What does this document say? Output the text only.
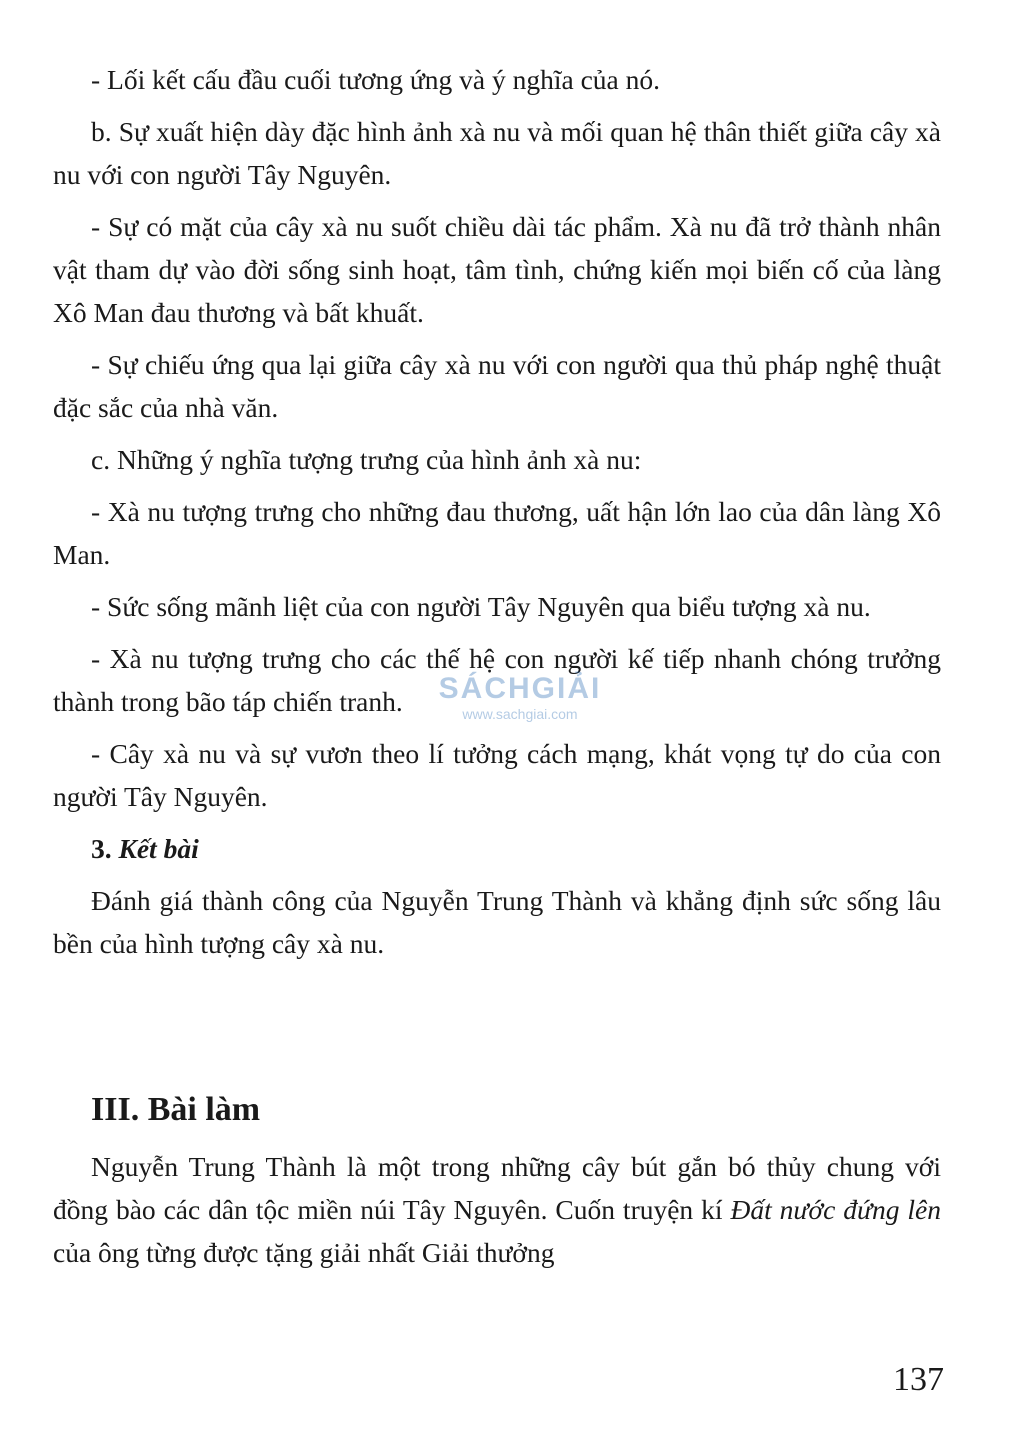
- Lối kết cấu đầu cuối tương ứng và ý nghĩa của nó.

b. Sự xuất hiện dày đặc hình ảnh xà nu và mối quan hệ thân thiết giữa cây xà nu với con người Tây Nguyên.

- Sự có mặt của cây xà nu suốt chiều dài tác phẩm. Xà nu đã trở thành nhân vật tham dự vào đời sống sinh hoạt, tâm tình, chứng kiến mọi biến cố của làng Xô Man đau thương và bất khuất.

- Sự chiếu ứng qua lại giữa cây xà nu với con người qua thủ pháp nghệ thuật đặc sắc của nhà văn.

c. Những ý nghĩa tượng trưng của hình ảnh xà nu:

- Xà nu tượng trưng cho những đau thương, uất hận lớn lao của dân làng Xô Man.

- Sức sống mãnh liệt của con người Tây Nguyên qua biểu tượng xà nu.

- Xà nu tượng trưng cho các thế hệ con người kế tiếp nhanh chóng trưởng thành trong bão táp chiến tranh.

- Cây xà nu và sự vươn theo lí tưởng cách mạng, khát vọng tự do của con người Tây Nguyên.

3. Kết bài

Đánh giá thành công của Nguyễn Trung Thành và khẳng định sức sống lâu bền của hình tượng cây xà nu.

III. Bài làm

Nguyễn Trung Thành là một trong những cây bút gắn bó thủy chung với đồng bào các dân tộc miền núi Tây Nguyên. Cuốn truyện kí Đất nước đứng lên của ông từng được tặng giải nhất Giải thưởng

SÁCHGIẢI
www.sachgiai.com
137
